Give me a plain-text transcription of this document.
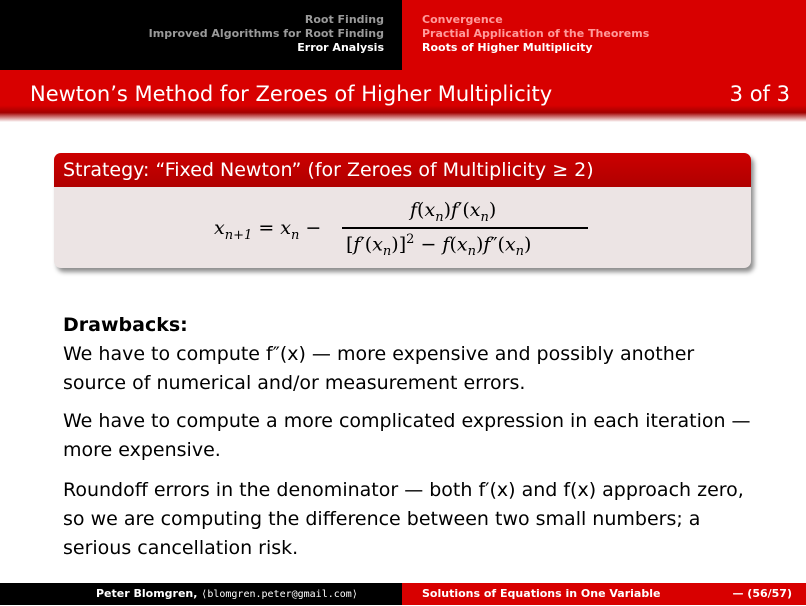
Root Finding
Improved Algorithms for Root Finding
Error Analysis
Convergence
Practial Application of the Theorems
Roots of Higher Multiplicity
Newton’s Method for Zeroes of Higher Multiplicity	3 of 3
Strategy: “Fixed Newton” (for Zeroes of Multiplicity ≥ 2)
$x_{n+1} = x_n$ −
$f(x_n)f'(x_n)$
$[f'(x_n)]^2 - f(x_n)f''(x_n)$
Drawbacks:
We have to compute f″(x) — more expensive and possibly another source of numerical and/or measurement errors.
We have to compute a more complicated expression in each iteration — more expensive.
Roundoff errors in the denominator — both f′(x) and f(x) approach zero, so we are computing the difference between two small numbers; a serious cancellation risk.
Peter Blomgren, ⟨blomgren.peter@gmail.com⟩	Solutions of Equations in One Variable	— (56/57)
